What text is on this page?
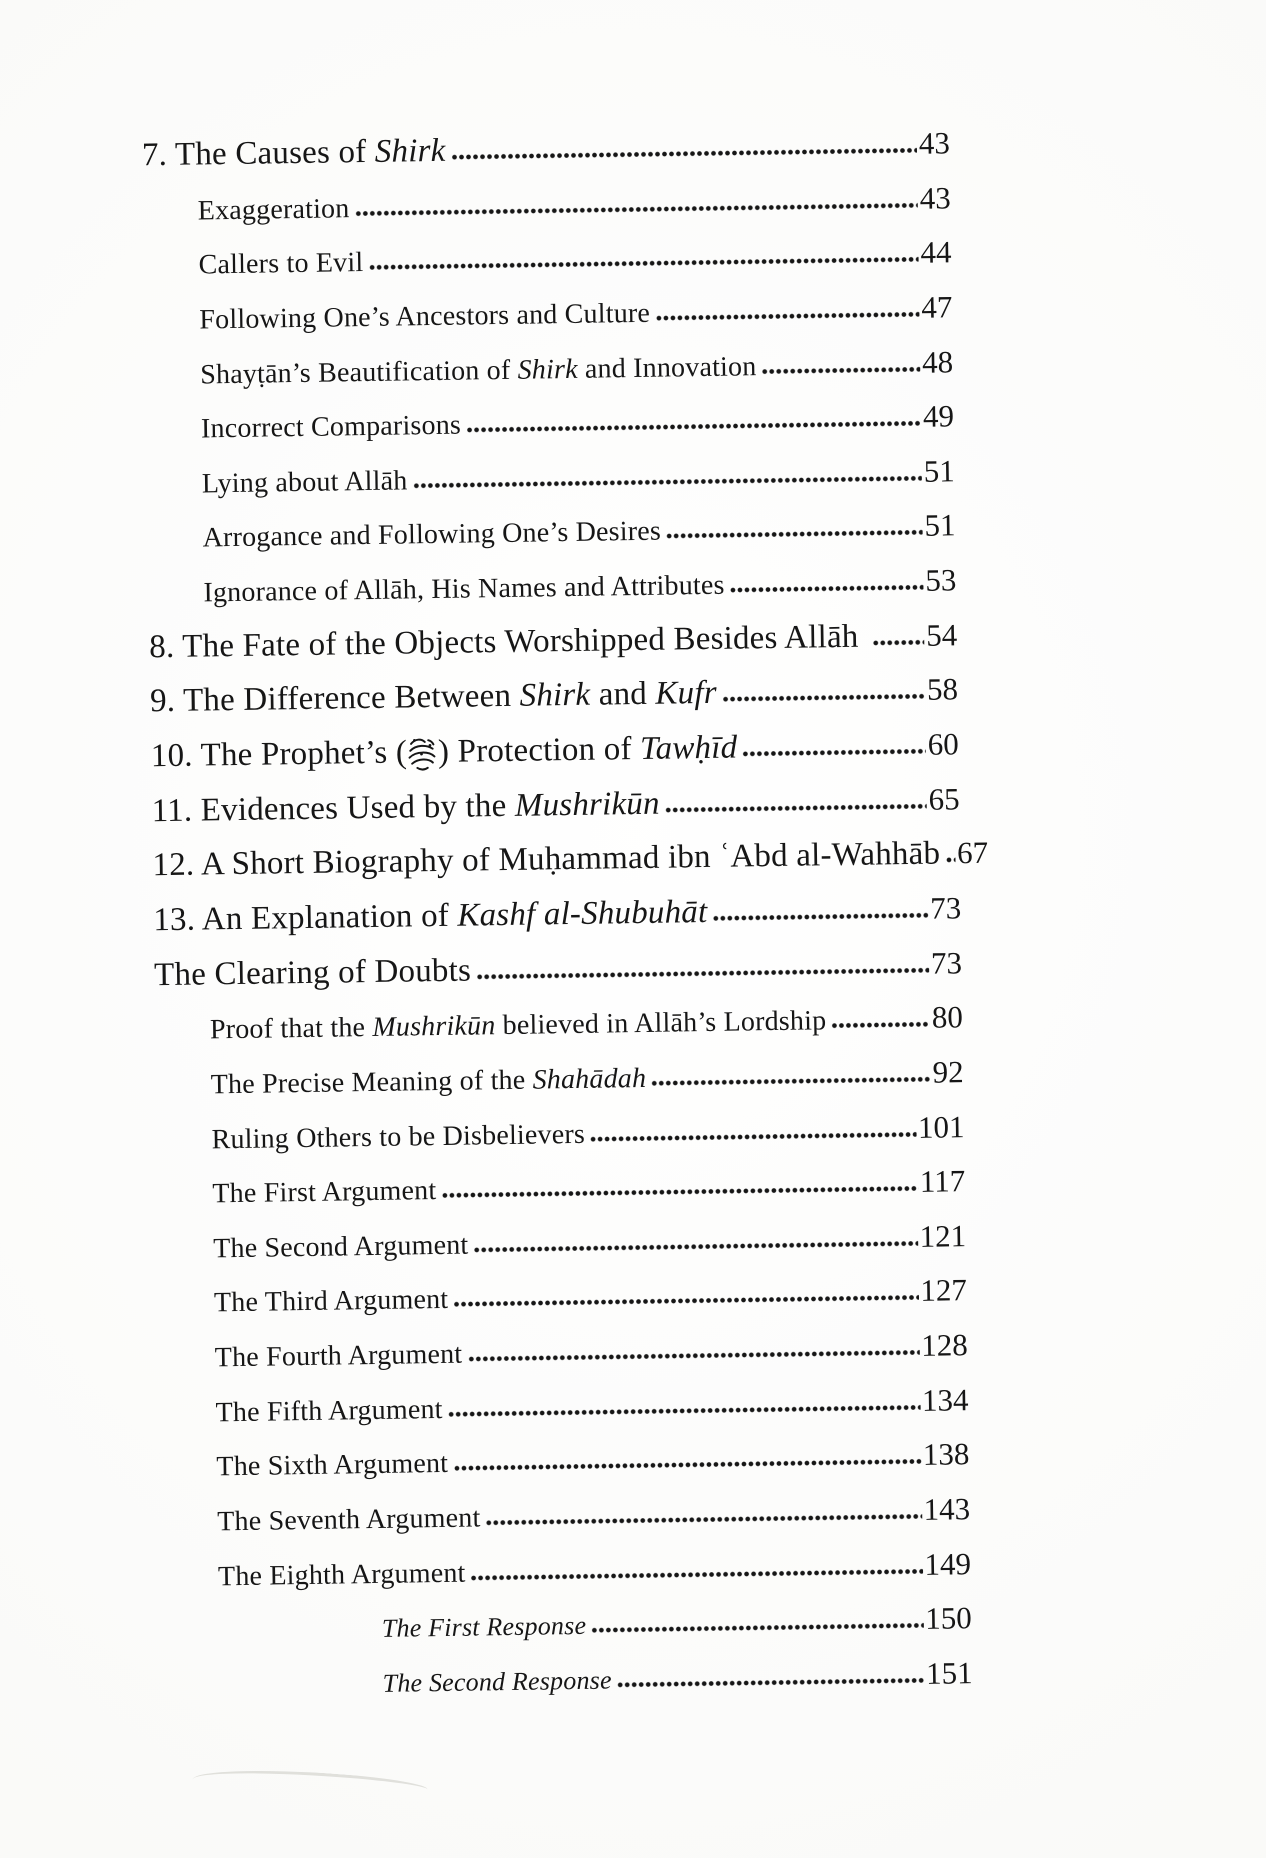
7. The Causes of Shirk	43
Exaggeration	43
Callers to Evil	44
Following One’s Ancestors and Culture	47
Shayṭān’s Beautification of Shirk and Innovation	48
Incorrect Comparisons	49
Lying about Allāh	51
Arrogance and Following One’s Desires	51
Ignorance of Allāh, His Names and Attributes	53
8. The Fate of the Objects Worshipped Besides Allāh 54
9. The Difference Between Shirk and Kufr	58
10. The Prophet’s ( ) Protection of Tawḥīd	60
11. Evidences Used by the Mushrikūn	65
12. A Short Biography of Muḥammad ibn ʿAbd al-Wahhāb 67
13. An Explanation of Kashf al-Shubuhāt	73
The Clearing of Doubts	73
Proof that the Mushrikūn believed in Allāh’s Lordship	80
The Precise Meaning of the Shahādah	92
Ruling Others to be Disbelievers	101
The First Argument	117
The Second Argument	121
The Third Argument	127
The Fourth Argument	128
The Fifth Argument	134
The Sixth Argument	138
The Seventh Argument	143
The Eighth Argument	149
The First Response	150
The Second Response	151
